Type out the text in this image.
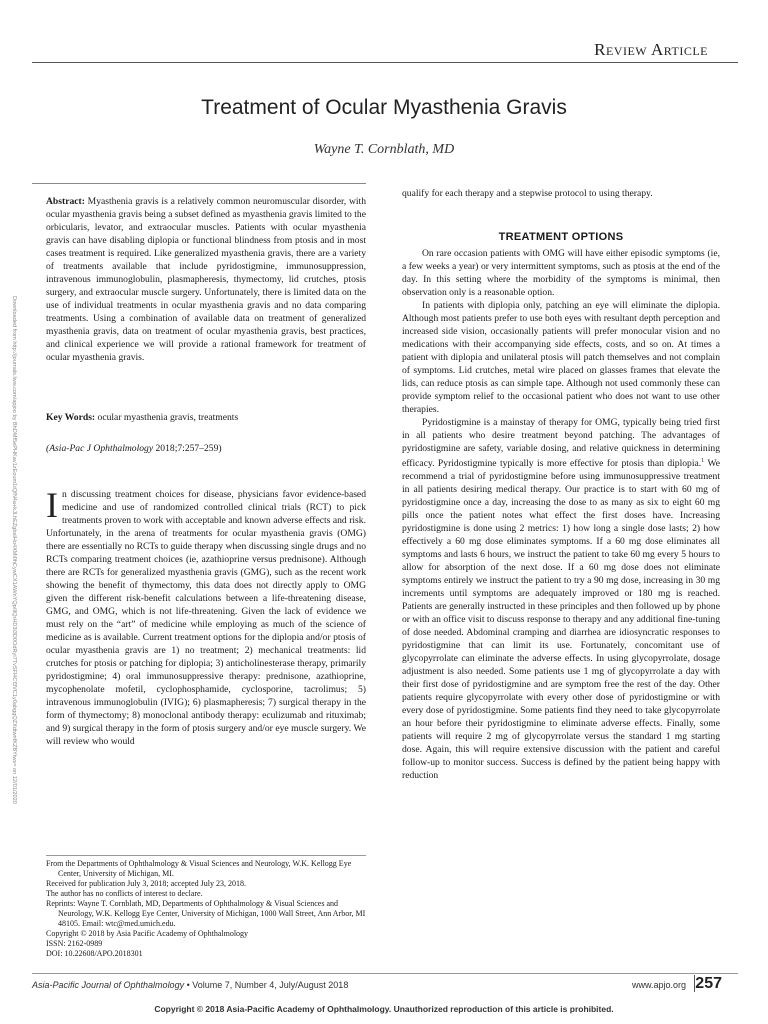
Downloaded from http://journals.lww.com/apjoo by BhDMf5ePHKav1zEoum1tQfN4a+kJLhEZgbsIHo4XMi0hCywCX1AWnYQp/IlQrHD3i3D0OdRyi7TvSFl4Cf3VC1y0abggQZXdtwnfKZBYtws= on 12/01/2020
Review Article
Treatment of Ocular Myasthenia Gravis
Wayne T. Cornblath, MD

Abstract: Myasthenia gravis is a relatively common neuromuscular disorder, with ocular myasthenia gravis being a subset defined as myasthenia gravis limited to the orbicularis, levator, and extraocular muscles. Patients with ocular myasthenia gravis can have disabling diplopia or functional blindness from ptosis and in most cases treatment is required. Like generalized myasthenia gravis, there are a variety of treatments available that include pyridostigmine, immunosuppression, intravenous immunoglobulin, plasmapheresis, thymectomy, lid crutches, ptosis surgery, and extraocular muscle surgery. Unfortunately, there is limited data on the use of individual treatments in ocular myasthenia gravis and no data comparing treatments. Using a combination of available data on treatment of generalized myasthenia gravis, data on treatment of ocular myasthenia gravis, best practices, and clinical experience we will provide a rational framework for treatment of ocular myasthenia gravis.

Key Words: ocular myasthenia gravis, treatments

(Asia-Pac J Ophthalmology 2018;7:257–259)

In discussing treatment choices for disease, physicians favor evidence-based medicine and use of randomized controlled clinical trials (RCT) to pick treatments proven to work with acceptable and known adverse effects and risk. Unfortunately, in the arena of treatments for ocular myasthenia gravis (OMG) there are essentially no RCTs to guide therapy when discussing single drugs and no RCTs comparing treatment choices (ie, azathioprine versus prednisone). Although there are RCTs for generalized myasthenia gravis (GMG), such as the recent work showing the benefit of thymectomy, this data does not directly apply to OMG given the different risk-benefit calculations between a life-threatening disease, GMG, and OMG, which is not life-threatening. Given the lack of evidence we must rely on the “art” of medicine while employing as much of the science of medicine as is available. Current treatment options for the diplopia and/or ptosis of ocular myasthenia gravis are 1) no treatment; 2) mechanical treatments: lid crutches for ptosis or patching for diplopia; 3) anticholinesterase therapy, primarily pyridostigmine; 4) oral immunosuppressive therapy: prednisone, azathioprine, mycophenolate mofetil, cyclophosphamide, cyclosporine, tacrolimus; 5) intravenous immunoglobulin (IVIG); 6) plasmapheresis; 7) surgical therapy in the form of thymectomy; 8) monoclonal antibody therapy: eculizumab and rituximab; and 9) surgical therapy in the form of ptosis surgery and/or eye muscle surgery. We will review who would

From the Departments of Ophthalmology & Visual Sciences and Neurology, W.K. Kellogg Eye Center, University of Michigan, MI.
Received for publication July 3, 2018; accepted July 23, 2018.
The author has no conflicts of interest to declare.
Reprints: Wayne T. Cornblath, MD, Departments of Ophthalmology & Visual Sciences and Neurology, W.K. Kellogg Eye Center, University of Michigan, 1000 Wall Street, Ann Arbor, MI 48105. Email: wtc@med.umich.edu.
Copyright © 2018 by Asia Pacific Academy of Ophthalmology
ISSN: 2162-0989
DOI: 10.22608/APO.2018301

qualify for each therapy and a stepwise protocol to using therapy.

TREATMENT OPTIONS

On rare occasion patients with OMG will have either episodic symptoms (ie, a few weeks a year) or very intermittent symptoms, such as ptosis at the end of the day. In this setting where the morbidity of the symptoms is minimal, then observation only is a reasonable option.

In patients with diplopia only, patching an eye will eliminate the diplopia. Although most patients prefer to use both eyes with resultant depth perception and increased side vision, occasionally patients will prefer monocular vision and no medications with their accompanying side effects, costs, and so on. At times a patient with diplopia and unilateral ptosis will patch themselves and not complain of symptoms. Lid crutches, metal wire placed on glasses frames that elevate the lids, can reduce ptosis as can simple tape. Although not used commonly these can provide symptom relief to the occasional patient who does not want to use other therapies.

Pyridostigmine is a mainstay of therapy for OMG, typically being tried first in all patients who desire treatment beyond patching. The advantages of pyridostigmine are safety, variable dosing, and relative quickness in determining efficacy. Pyridostigmine typically is more effective for ptosis than diplopia.$^1$ We recommend a trial of pyridostigmine before using immunosuppressive treatment in all patients desiring medical therapy. Our practice is to start with 60 mg of pyridostigmine once a day, increasing the dose to as many as six to eight 60 mg pills once the patient notes what effect the first doses have. Increasing pyridostigmine is done using 2 metrics: 1) how long a single dose lasts; 2) how effectively a 60 mg dose eliminates symptoms. If a 60 mg dose eliminates all symptoms and lasts 6 hours, we instruct the patient to take 60 mg every 5 hours to allow for absorption of the next dose. If a 60 mg dose does not eliminate symptoms entirely we instruct the patient to try a 90 mg dose, increasing in 30 mg increments until symptoms are adequately improved or 180 mg is reached. Patients are generally instructed in these principles and then followed up by phone or with an office visit to discuss response to therapy and any additional fine-tuning of dose needed. Abdominal cramping and diarrhea are idiosyncratic responses to pyridostigmine that can limit its use. Fortunately, concomitant use of glycopyrrolate can eliminate the adverse effects. In using glycopyrrolate, dosage adjustment is also needed. Some patients use 1 mg of glycopyrrolate a day with their first dose of pyridostigmine and are symptom free the rest of the day. Other patients require glycopyrrolate with every other dose of pyridostigmine or with every dose of pyridostigmine. Some patients find they need to take glycopyrrolate an hour before their pyridostigmine to eliminate adverse effects. Finally, some patients will require 2 mg of glycopyrrolate versus the standard 1 mg starting dose. Again, this will require extensive discussion with the patient and careful follow-up to monitor success. Success is defined by the patient being happy with reduction

Asia-Pacific Journal of Ophthalmology • Volume 7, Number 4, July/August 2018	www.apjo.org 257
Copyright © 2018 Asia-Pacific Academy of Ophthalmology. Unauthorized reproduction of this article is prohibited.
